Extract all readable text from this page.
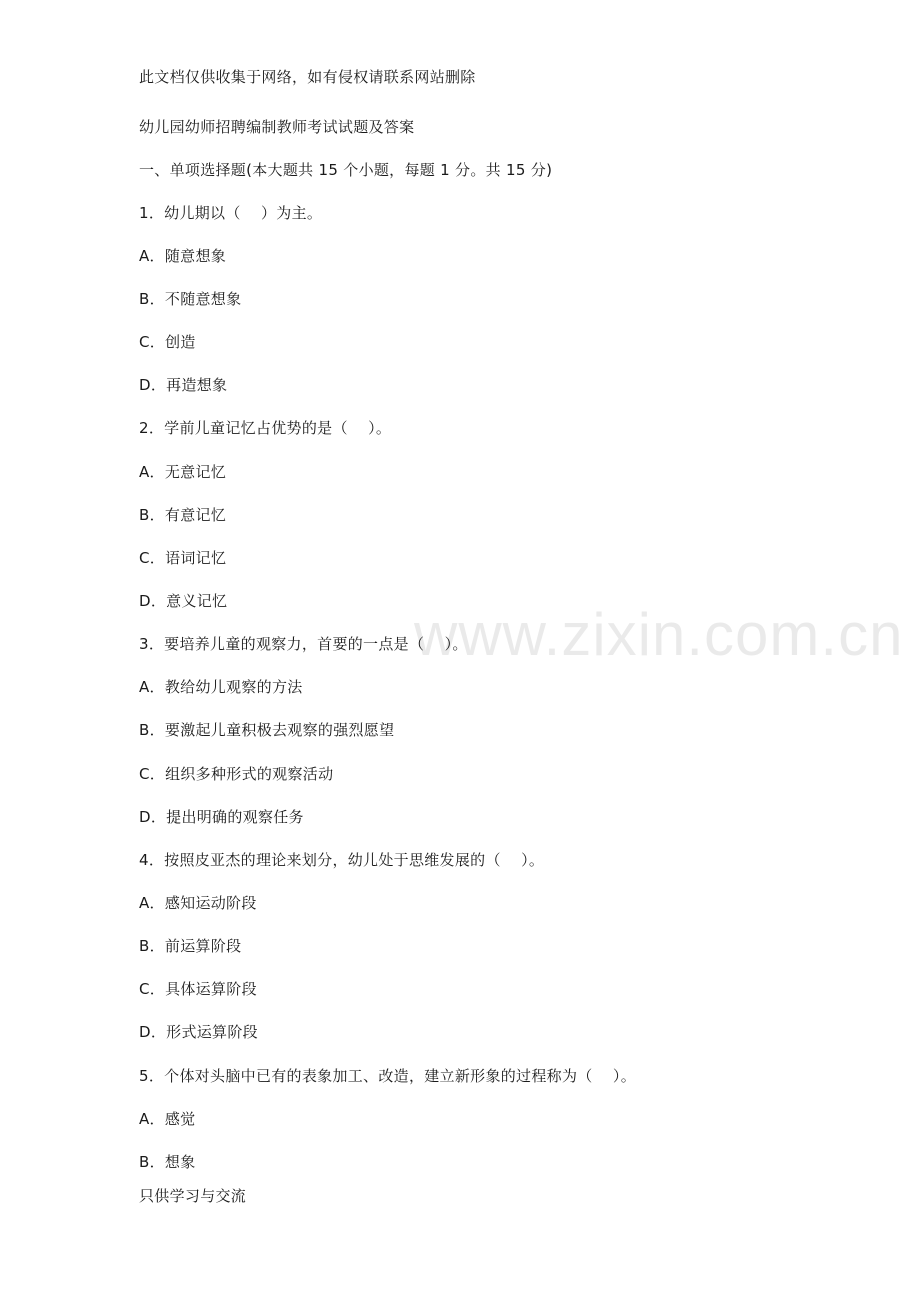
此文档仅供收集于网络，如有侵权请联系网站删除
幼儿园幼师招聘编制教师考试试题及答案
一、单项选择题(本大题共 15 个小题，每题 1 分。共 15 分)
1．幼儿期以（　 ）为主。
A．随意想象
B．不随意想象
C．创造
D．再造想象
2．学前儿童记忆占优势的是（　 ）。
A．无意记忆
B．有意记忆
C．语词记忆
D．意义记忆
3．要培养儿童的观察力，首要的一点是（　 ）。
A．教给幼儿观察的方法
B．要激起儿童积极去观察的强烈愿望
C．组织多种形式的观察活动
D．提出明确的观察任务
4．按照皮亚杰的理论来划分，幼儿处于思维发展的（　 ）。
A．感知运动阶段
B．前运算阶段
C．具体运算阶段
D．形式运算阶段
5．个体对头脑中已有的表象加工、改造，建立新形象的过程称为（　 ）。
A．感觉
B．想象
只供学习与交流
www.zixin.com.cn
